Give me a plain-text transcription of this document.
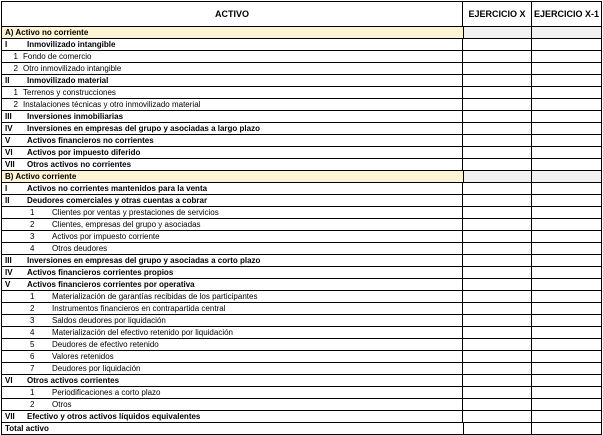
ACTIVO	EJERCICIO X EJERCICIO X-1
A) Activo no corriente
I	Inmovilizado intangible
1 Fondo de comercio
2 Otro inmovilizado intangible
II	Inmovilizado material
1 Terrenos y construcciones
2 Instalaciones técnicas y otro inmovilizado material
III	Inversiones inmobiliarias
IV	Inversiones en empresas del grupo y asociadas a largo plazo
V	Activos financieros no corrientes
VI	Activos por impuesto diferido
VII	Otros activos no corrientes
B) Activo corriente
I	Activos no corrientes mantenidos para la venta
II	Deudores comerciales y otras cuentas a cobrar
1	Clientes por ventas y prestaciones de servicios
2	Clientes, empresas del grupo y asociadas
3	Activos por impuesto corriente
4	Otros deudores
III	Inversiones en empresas del grupo y asociadas a corto plazo
IV	Activos financieros corrientes propios
V	Activos financieros corrientes por operativa
1	Materialización de garantías recibidas de los participantes
2	Instrumentos financieros en contrapartida central
3	Saldos deudores por liquidación
4	Materialización del efectivo retenido por liquidación
5	Deudores de efectivo retenido
6	Valores retenidos
7	Deudores por liquidación
VI	Otros activos corrientes
1	Periodificaciones a corto plazo
2	Otros
VII	Efectivo y otros activos líquidos equivalentes
Total activo
